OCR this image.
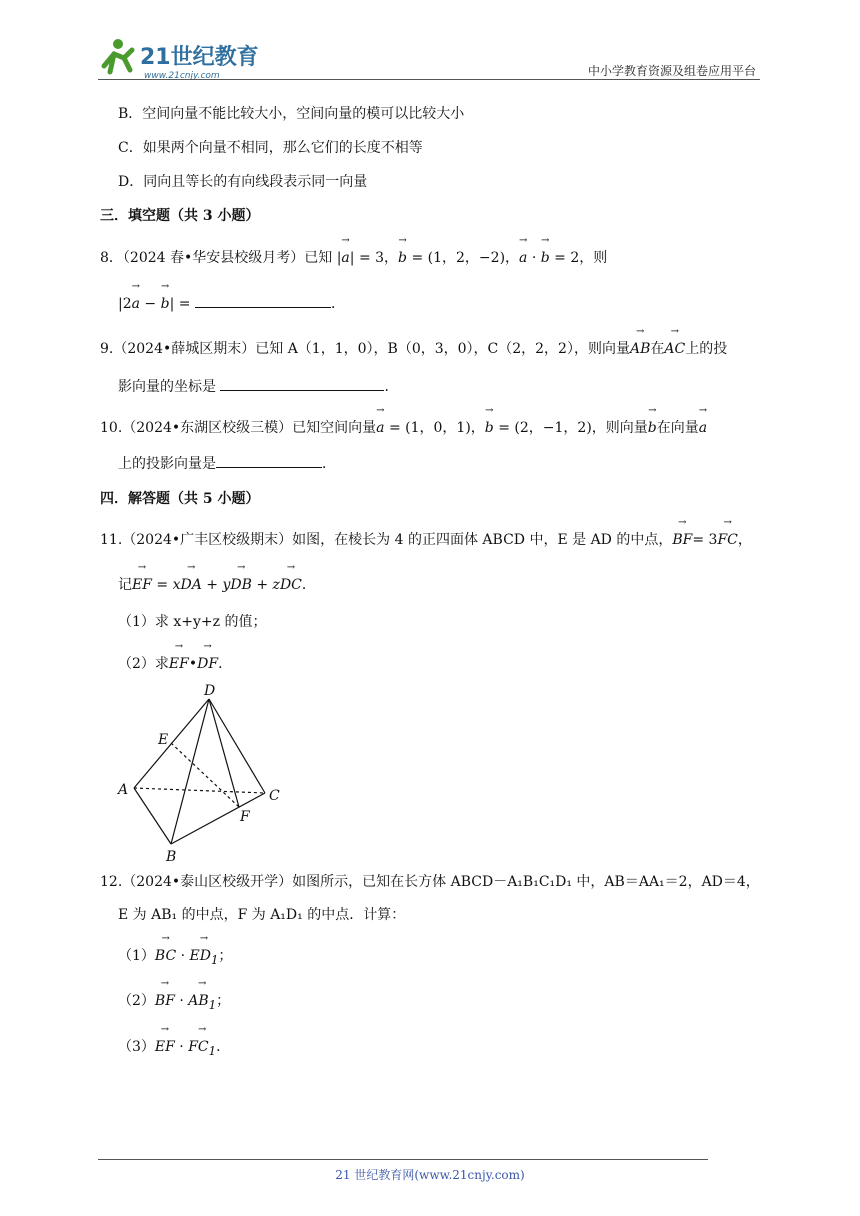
21世纪教育
www.21cnjy.com	中小学教育资源及组卷应用平台
B．空间向量不能比较大小，空间向量的模可以比较大小
C．如果两个向量不相同，那么它们的长度不相等
D．同向且等长的有向线段表示同一向量
三．填空题（共 3 小题）
8．（2024 春•华安县校级月考）已知 |→ a| = 3，→ b = (1，2，−2)，→ a · → b = 2，则
|2→ a − → b| =	．
9.（2024•薛城区期末）已知 A（1，1，0），B（0，3，0），C（2，2，2），则向量→ AB在→ AC上的投
影向量的坐标是	．
10.（2024•东湖区校级三模）已知空间向量→ a = (1，0，1)，→ b = (2，−1，2)，则向量→ b在向量→ a
上的投影向量是	．
四．解答题（共 5 小题）
11.（2024•广丰区校级期末）如图，在棱长为 4 的正四面体 ABCD 中，E 是 AD 的中点，→ BF= 3→ FC，
记→ EF = x→ DA + y→ DB + z→ DC．
（1）求 x+y+z 的值；
（2）求→ EF•→ DF．
D
E
A	C
F
B
12.（2024•泰山区校级开学）如图所示，已知在长方体 ABCD－A₁B₁C₁D₁ 中，AB＝AA₁＝2，AD＝4，
E 为 AB₁ 的中点，F 为 A₁D₁ 的中点．计算：
（1）→ BC · → $ED_1$；
（2）→ BF · → $AB_1$；
（3）→ EF · → $FC_1$．
21 世纪教育网(www.21cnjy.com)
